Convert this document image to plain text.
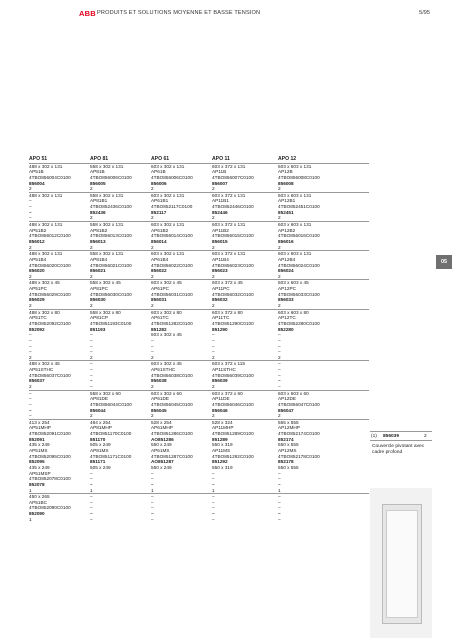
ABB PRODUITS ET SOLUTIONS MOYENNE ET BASSE TENSION	5/95
05
APO 51	APO 81	APO 61	APO 11	APO 12
488 x 302 x 131	558 x 302 x 131	603 x 302 x 131	603 x 372 x 131	603 x 603 x 131
AP51B	AP81B	AP61B	AP11B	AP12B
4TBO856004C0100	4TBO856006C0100	4TBO856006C0100	4TBO856007C0100	4TBO856008C0100
856004	856005	856006	856007	856008
2	2	2	2	2
488 x 302 x 131	558 x 302 x 131	603 x 302 x 131	603 x 372 x 131	603 x 603 x 131
–	AP81B1	AP61B1	AP11B1	AP12B1
–	4TBO852436C0100	4TBO852117C0100	4TBO852446C0100	4TBO852451C0100
–	852436	852117	852446	852451
–	2	2	2	2
488 x 302 x 131	558 x 302 x 131	603 x 302 x 131	603 x 372 x 131	603 x 603 x 131
AP51B2	AP81B2	AP61B2	AP11B2	AP12B2
4TBO856012C0100	4TBO856013C0100	4TBO856014C0100	4TBO856015C0100	4TBO856016C0100
856012	856013	856014	856015	856016
2	2	2	2	2
488 x 302 x 131	558 x 302 x 131	603 x 302 x 131	603 x 372 x 131	603 x 603 x 131
AP51B4	AP81B4	AP61B4	AP11B4	AP12B4
4TBO856020C0100	4TBO856021C0100	4TBO856022C0100	4TBO856023C0100	4TBO856024C0100
856020	856021	856022	856023	856024
2	2	2	2	2
488 x 302 x 45	558 x 302 x 45	603 x 302 x 45	603 x 372 x 45	603 x 603 x 45
AP51PC	AP81PC	AP61PC	AP11PC	AP12PC
4TBO856029C0100	4TBO856030C0100	4TBO856031C0100	4TBO856032C0100	4TBO856033C0100
856029	856030	856031	856032	856033
2	2	2	2	2
488 x 302 x 80	558 x 302 x 80	603 x 302 x 80	603 x 372 x 80	603 x 603 x 80
AP51TC	AP81CP	AP61TC	AP11TC	AP12TC
4TBO852092C0100	4TBO851193C0100	4TBO851282C0100	4TBO851290C0100	4TBO852280C0100
852092	851193	851282	851290	852280
–	–	603 x 302 x 45	–	–
–	–	–	–	–
–	–	–	–	–
–	–	–	–	–
2	2	2	2	2
488 x 302 x 45	–	603 x 302 x 45	603 x 372 x 115	–
AP51STHC	–	AP61STHC	AP11STHC	–
4TBO856037C0100	–	4TBO856038C0100	4TBO856039C0100	–
856037	–	856038	856039	–
2	–	2	2	–
–	558 x 302 x 60	603 x 302 x 60	603 x 372 x 60	603 x 603 x 60
–	AP81DE	AP61DE	AP11DE	AP12DE
–	4TBO856044C0100	4TBO856045C0100	4TBO856046C0100	4TBO856047C0100
–	856044	856045	856046	856047
–	2	2	2	2
413 x 254	484 x 254	528 x 254	528 x 324	555 x 555
AP51MHP	AP81MHP	AP61MHP	AP11MHP	AP12MHP
4TBO852091C0100	4TBO851170C0100	4TBO851286C0100	4TBO851289C0100	4TBO852174C0100
852091	851170	AO851286	851289	852174
435 x 249	505 x 249	550 x 249	550 x 319	550 x 555
AP51MS	AP81MS	AP61MS	AP11MS	AP12MS
4TBO852095C0100	4TBO851171C0100	4TBO851287C0100	4TBO851292C0100	4TBO852178C0100
852095	851171	AO851287	851292	852178
435 x 249	505 x 249	550 x 249	550 x 319	550 x 555
AP51MSP	–	–	–	–
4TBO852078C0100	–	–	–	–
852078	–	–	–	–
1	1	1	1	1
450 x 265	–	–	–	–
AP51BC	–	–	–	–
4TBO852090C0100	–	–	–	–
852090	–	–	–	–
1	–	–	–	–
(1) 856039	2
Couvercle pivotant avec cadre profond
